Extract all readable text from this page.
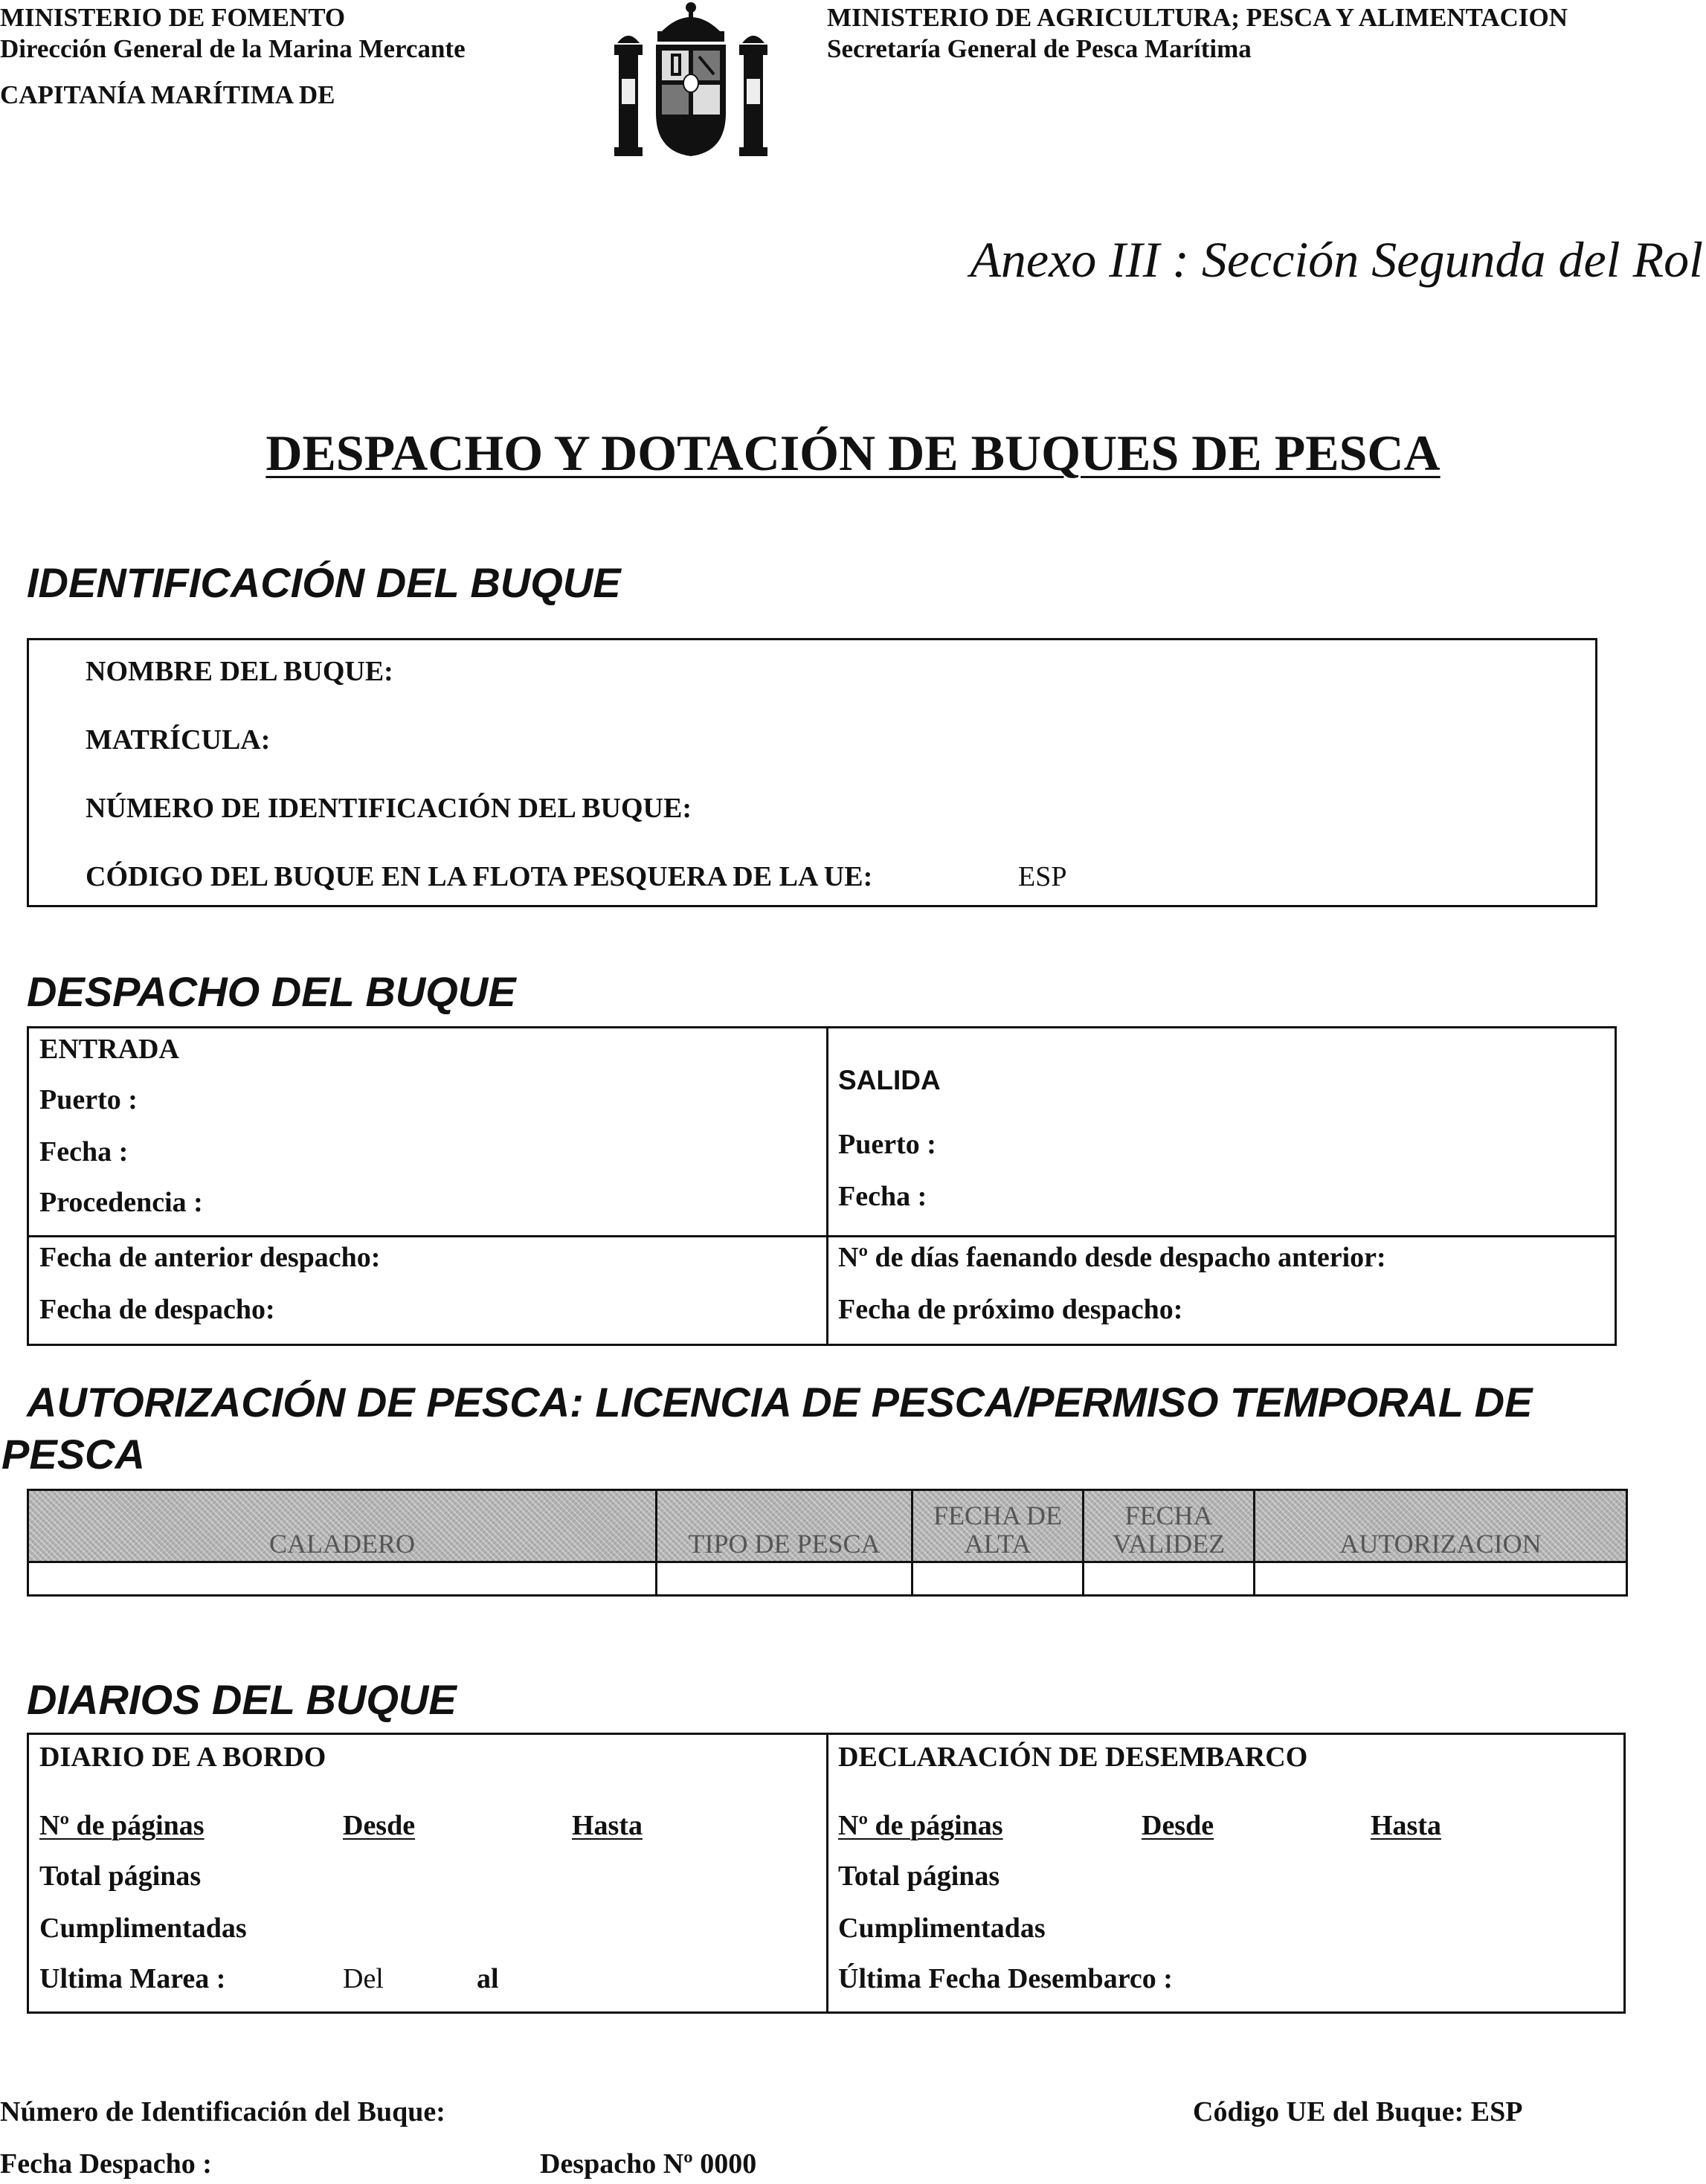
MINISTERIO DE FOMENTO
Dirección General de la Marina Mercante
CAPITANÍA MARÍTIMA DE
MINISTERIO DE AGRICULTURA; PESCA Y ALIMENTACION
Secretaría General de Pesca Marítima
Anexo III : Sección Segunda del Rol
DESPACHO Y DOTACIÓN DE BUQUES DE PESCA
IDENTIFICACIÓN DEL BUQUE
NOMBRE DEL BUQUE:
MATRÍCULA:
NÚMERO DE IDENTIFICACIÓN DEL BUQUE:
CÓDIGO DEL BUQUE EN LA FLOTA PESQUERA DE LA UE:	ESP
DESPACHO DEL BUQUE
ENTRADA
Puerto :
Fecha :
Procedencia :
SALIDA
Puerto :
Fecha :
Fecha de anterior despacho:
Fecha de despacho:
Nº de días faenando desde despacho anterior:
Fecha de próximo despacho:
AUTORIZACIÓN DE PESCA: LICENCIA DE PESCA/PERMISO TEMPORAL DE
PESCA
CALADERO	TIPO DE PESCA	FECHA DE ALTA	FECHA VALIDEZ	AUTORIZACION

DIARIOS DEL BUQUE
DIARIO DE A BORDO
Nº de páginas	Desde	Hasta
Total páginas
Cumplimentadas
Ultima Marea :	Del	al
DECLARACIÓN DE DESEMBARCO
Nº de páginas	Desde	Hasta
Total páginas
Cumplimentadas
Última Fecha Desembarco :
Número de Identificación del Buque:	Código UE del Buque: ESP
Fecha Despacho :	Despacho Nº 0000
